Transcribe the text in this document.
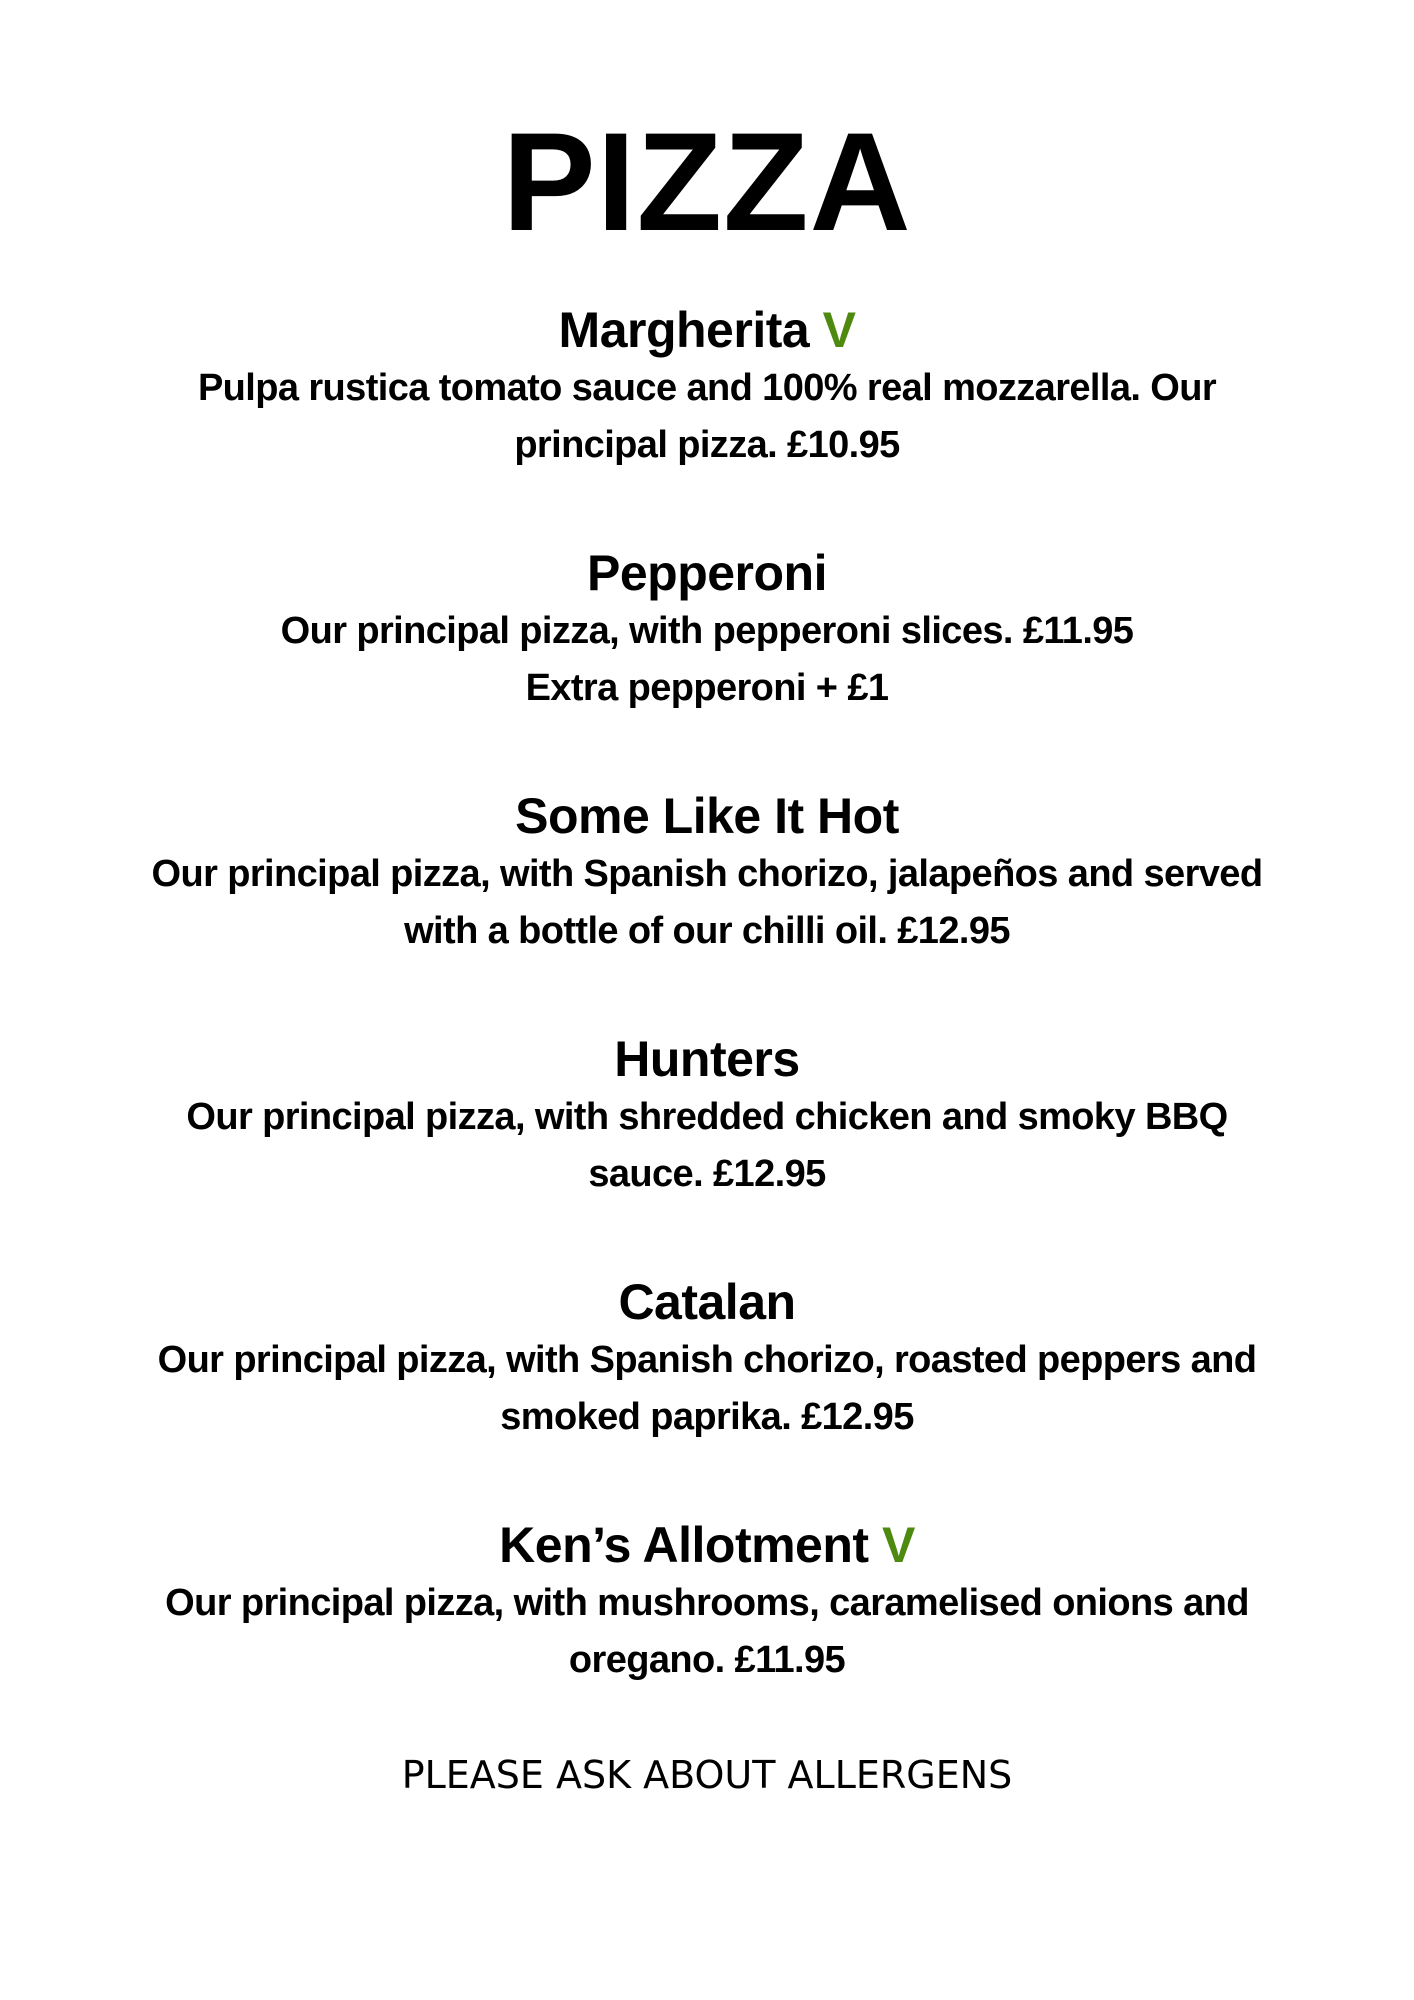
PIZZA

Margherita V

Pulpa rustica tomato sauce and 100% real mozzarella. Our
principal pizza. £10.95

Pepperoni

Our principal pizza, with pepperoni slices. £11.95
Extra pepperoni + £1

Some Like It Hot

Our principal pizza, with Spanish chorizo, jalapeños and served
with a bottle of our chilli oil. £12.95

Hunters

Our principal pizza, with shredded chicken and smoky BBQ
sauce. £12.95

Catalan

Our principal pizza, with Spanish chorizo, roasted peppers and
smoked paprika. £12.95

Ken’s Allotment V

Our principal pizza, with mushrooms, caramelised onions and
oregano. £11.95

PLEASE ASK ABOUT ALLERGENS
